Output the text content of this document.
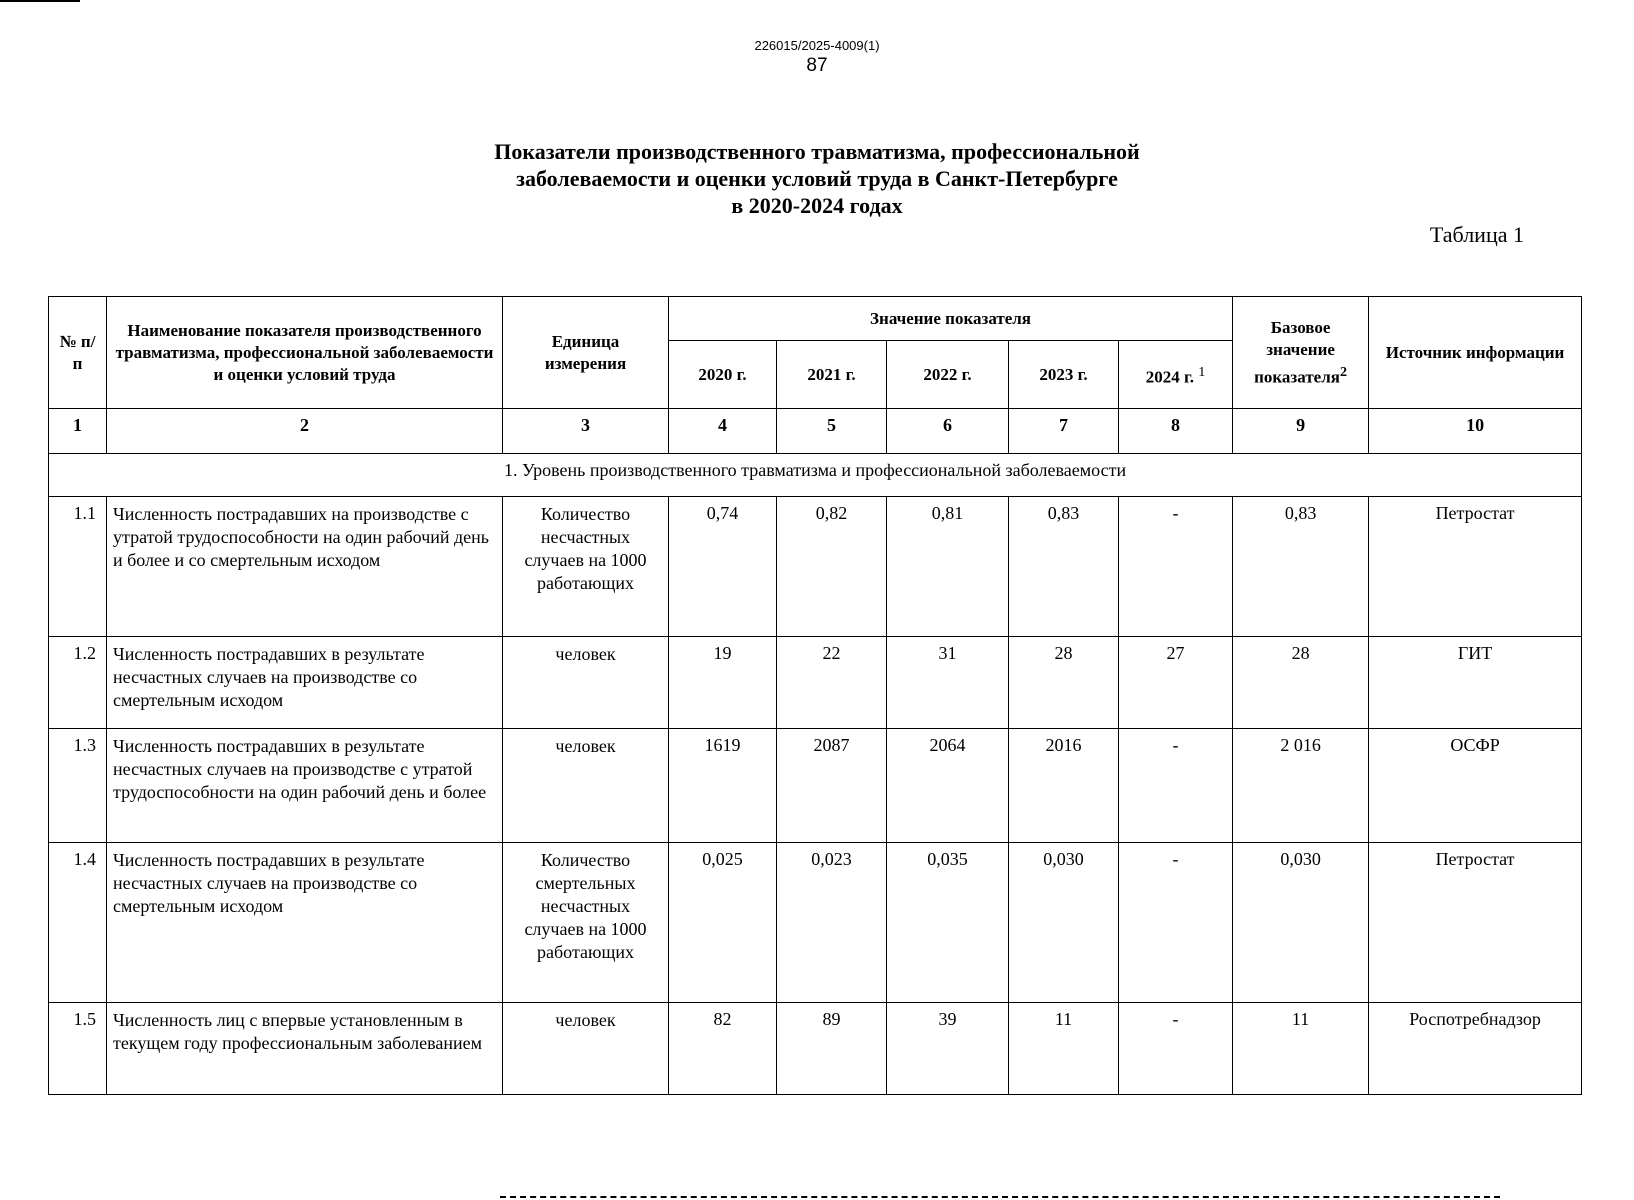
226015/2025-4009(1)
87
Показатели производственного травматизма, профессиональной
заболеваемости и оценки условий труда в Санкт-Петербурге
в 2020-2024 годах
Таблица 1
№ п/п	Наименование показателя производственного травматизма, профессиональной заболеваемости и оценки условий труда	Единица измерения	Значение показателя					Базовое значение показателя$^2$	Источник информации
			2020 г.	2021 г.	2022 г.	2023 г.	2024 г. $^1$
1	2	3	4	5	6	7	8	9	10
1. Уровень производственного травматизма и профессиональной заболеваемости									
1.1	Численность пострадавших на производстве с утратой трудоспособности на один рабочий день и более и со смертельным исходом	Количество несчастных случаев на 1000 работающих	0,74	0,82	0,81	0,83	-	0,83	Петростат
1.2	Численность пострадавших в результате несчастных случаев на производстве со смертельным исходом	человек	19	22	31	28	27	28	ГИТ
1.3	Численность пострадавших в результате несчастных случаев на производстве с утратой трудоспособности на один рабочий день и более	человек	1619	2087	2064	2016	-	2 016	ОСФР
1.4	Численность пострадавших в результате несчастных случаев на производстве со смертельным исходом	Количество смертельных несчастных случаев на 1000 работающих	0,025	0,023	0,035	0,030	-	0,030	Петростат
1.5	Численность лиц с впервые установленным в текущем году профессиональным заболеванием	человек	82	89	39	11	-	11	Роспотребнадзор
